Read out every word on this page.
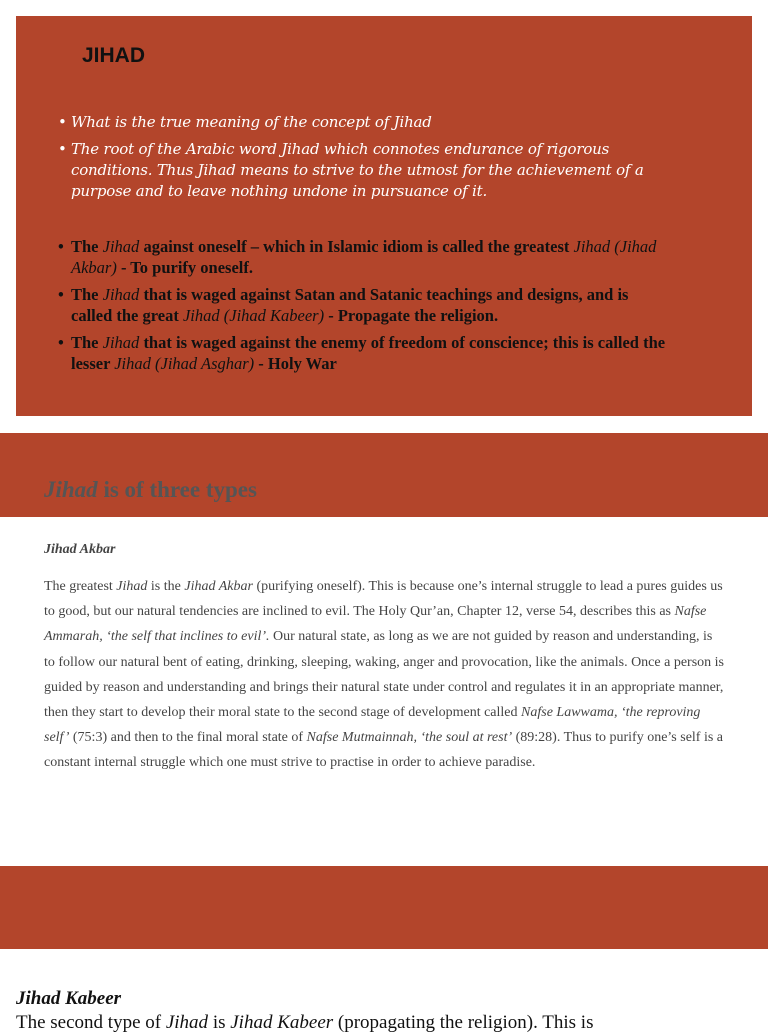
JIHAD
• What is the true meaning of the concept of Jihad
• The root of the Arabic word Jihad which connotes endurance of rigorous conditions. Thus Jihad means to strive to the utmost for the achievement of a purpose and to leave nothing undone in pursuance of it.
• The Jihad against oneself – which in Islamic idiom is called the greatest Jihad (Jihad Akbar) - To purify oneself.
• The Jihad that is waged against Satan and Satanic teachings and designs, and is called the great Jihad (Jihad Kabeer) - Propagate the religion.
• The Jihad that is waged against the enemy of freedom of conscience; this is called the lesser Jihad (Jihad Asghar) - Holy War
Jihad is of three types
Jihad Akbar

The greatest Jihad is the Jihad Akbar (purifying oneself). This is because one’s internal struggle to lead a pures guides us to good, but our natural tendencies are inclined to evil. The Holy Qur’an, Chapter 12, verse 54, describes this as Nafse Ammarah, ‘the self that inclines to evil’. Our natural state, as long as we are not guided by reason and understanding, is to follow our natural bent of eating, drinking, sleeping, waking, anger and provocation, like the animals. Once a person is guided by reason and understanding and brings their natural state under control and regulates it in an appropriate manner, then they start to develop their moral state to the second stage of development called Nafse Lawwama, ‘the reproving self’ (75:3) and then to the final moral state of Nafse Mutmainnah, ‘the soul at rest’ (89:28). Thus to purify one’s self is a constant internal struggle which one must strive to practise in order to achieve paradise.

Jihad Kabeer

The second type of Jihad is Jihad Kabeer (propagating the religion). This is
